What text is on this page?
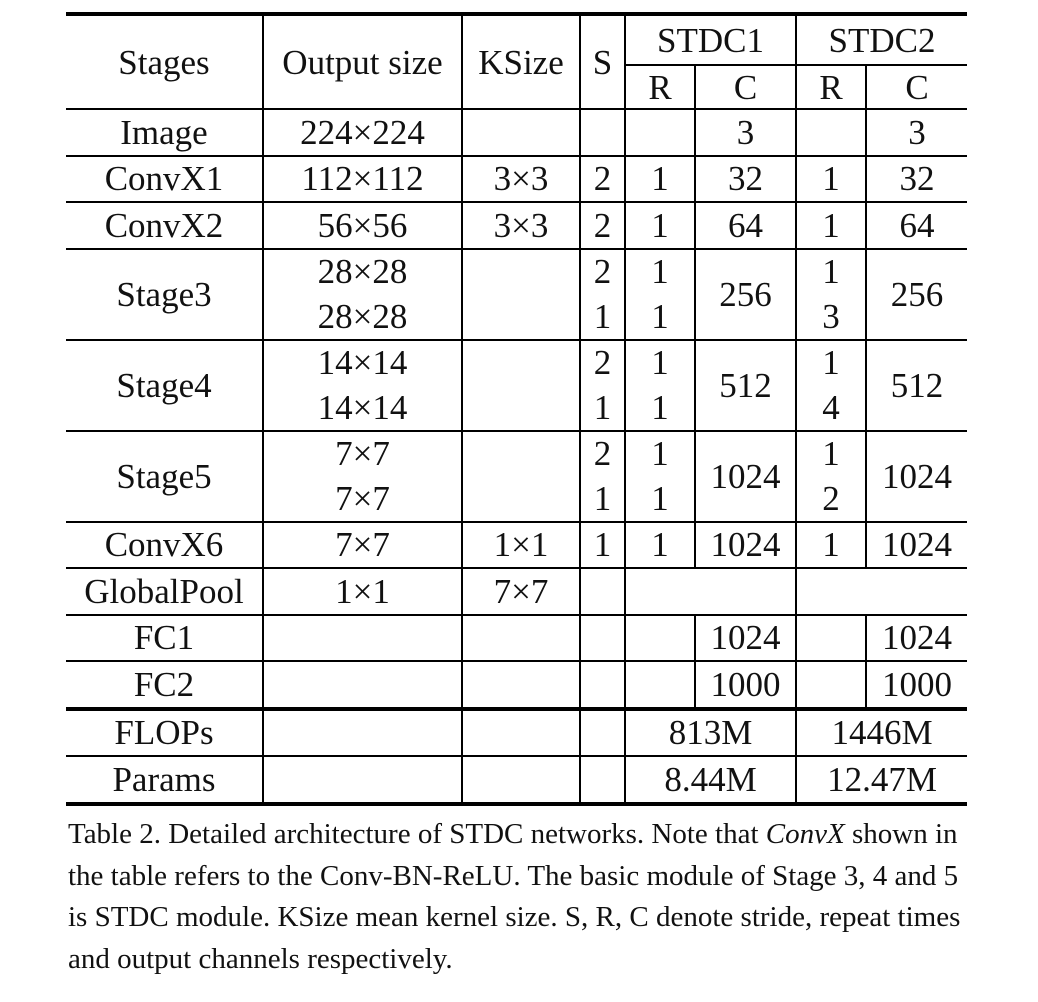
Stages	Output size	KSize	S	STDC1		STDC2	
				R	C	R	C
Image	224×224				3		3
ConvX1	112×112	3×3	2	1	32	1	32
ConvX2	56×56	3×3	2	1	64	1	64
Stage3	28×28		2	1	256	1	256
	28×28		1	1		3	
Stage4	14×14		2	1	512	1	512
	14×14		1	1		4	
Stage5	7×7		2	1	1024	1	1024
	7×7		1	1		2	
ConvX6	7×7	1×1	1	1	1024	1	1024
GlobalPool	1×1	7×7					
FC1					1024		1024
FC2					1000		1000
FLOPs				813M		1446M	
Params				8.44M		12.47M	
Table 2. Detailed architecture of STDC networks. Note that ConvX shown in the table refers to the Conv-BN-ReLU. The basic module of Stage 3, 4 and 5 is STDC module. KSize mean kernel size. S, R, C denote stride, repeat times and output channels respectively.
